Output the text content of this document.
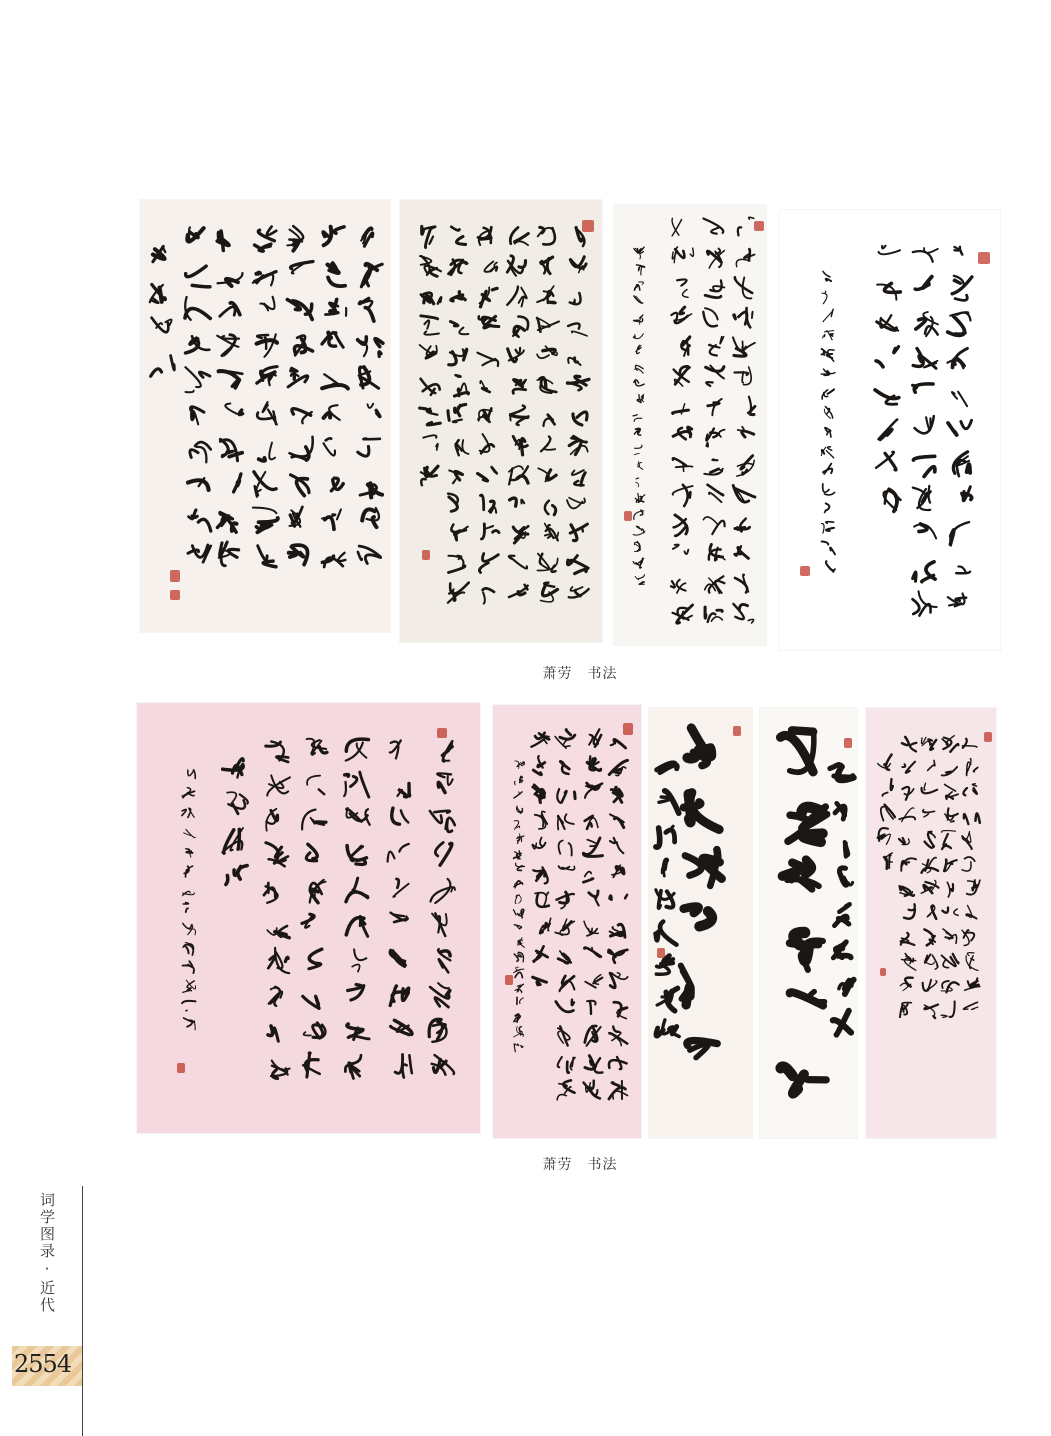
萧劳　书法
萧劳　书法
词学图录·近代
2554
